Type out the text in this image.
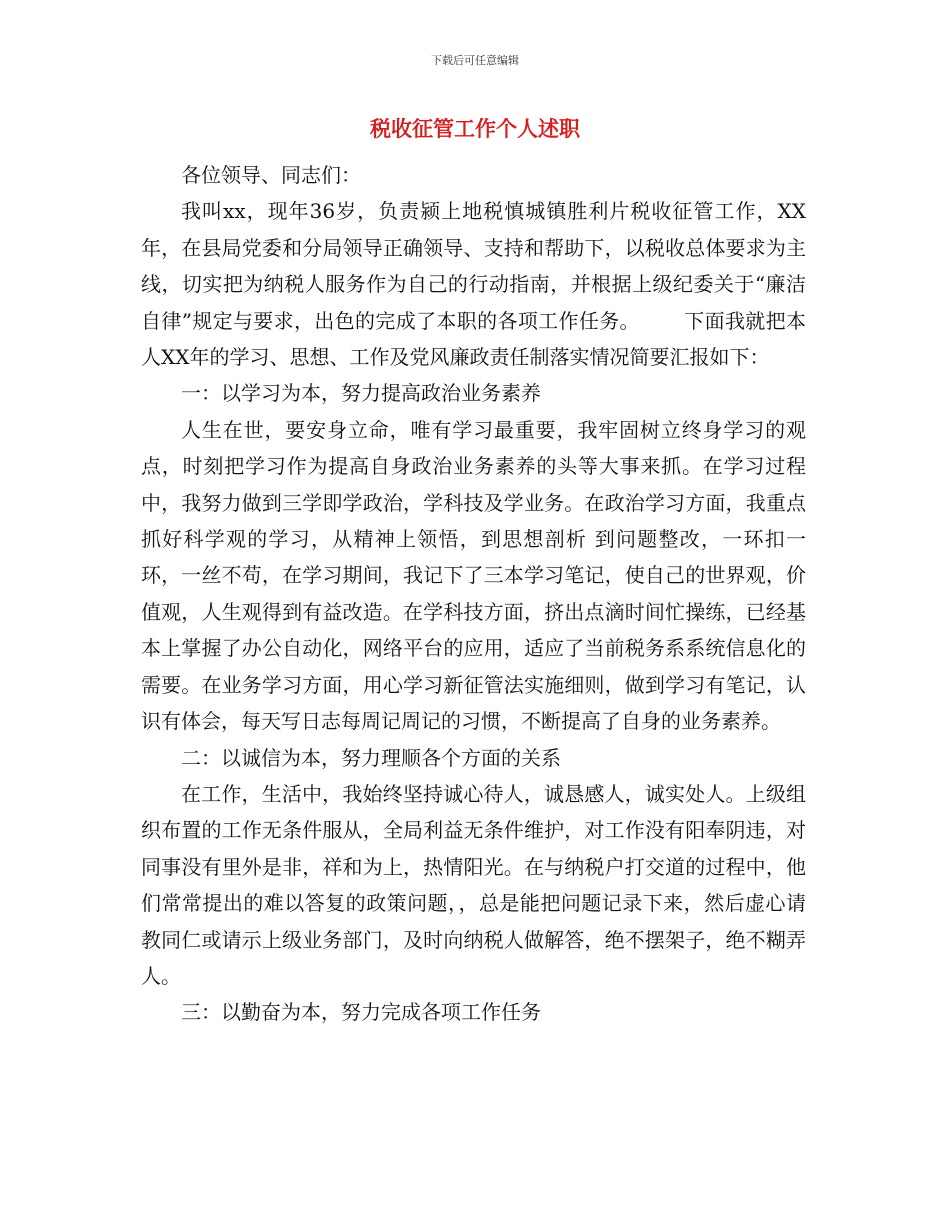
下载后可任意编辑
税收征管工作个人述职

各位领导、同志们：

我叫xx，现年36岁，负责颍上地税慎城镇胜利片税收征管工作，XX年，在县局党委和分局领导正确领导、支持和帮助下，以税收总体要求为主线，切实把为纳税人服务作为自己的行动指南，并根据上级纪委关于“廉洁自律”规定与要求，出色的完成了本职的各项工作任务。 下面我就把本人XX年的学习、思想、工作及党风廉政责任制落实情况简要汇报如下：

一：以学习为本，努力提高政治业务素养

人生在世，要安身立命，唯有学习最重要，我牢固树立终身学习的观点，时刻把学习作为提高自身政治业务素养的头等大事来抓。在学习过程中，我努力做到三学即学政治，学科技及学业务。在政治学习方面，我重点抓好科学观的学习，从精神上领悟，到思想剖析 到问题整改，一环扣一环，一丝不苟，在学习期间，我记下了三本学习笔记，使自己的世界观，价值观，人生观得到有益改造。在学科技方面，挤出点滴时间忙操练，已经基本上掌握了办公自动化，网络平台的应用，适应了当前税务系系统信息化的需要。在业务学习方面，用心学习新征管法实施细则，做到学习有笔记，认识有体会，每天写日志每周记周记的习惯，不断提高了自身的业务素养。

二：以诚信为本，努力理顺各个方面的关系

在工作，生活中，我始终坚持诚心待人，诚恳感人，诚实处人。上级组织布置的工作无条件服从，全局利益无条件维护，对工作没有阳奉阴违，对同事没有里外是非，祥和为上，热情阳光。在与纳税户打交道的过程中，他们常常提出的难以答复的政策问题，，总是能把问题记录下来，然后虚心请教同仁或请示上级业务部门，及时向纳税人做解答，绝不摆架子，绝不糊弄人。

三：以勤奋为本，努力完成各项工作任务
